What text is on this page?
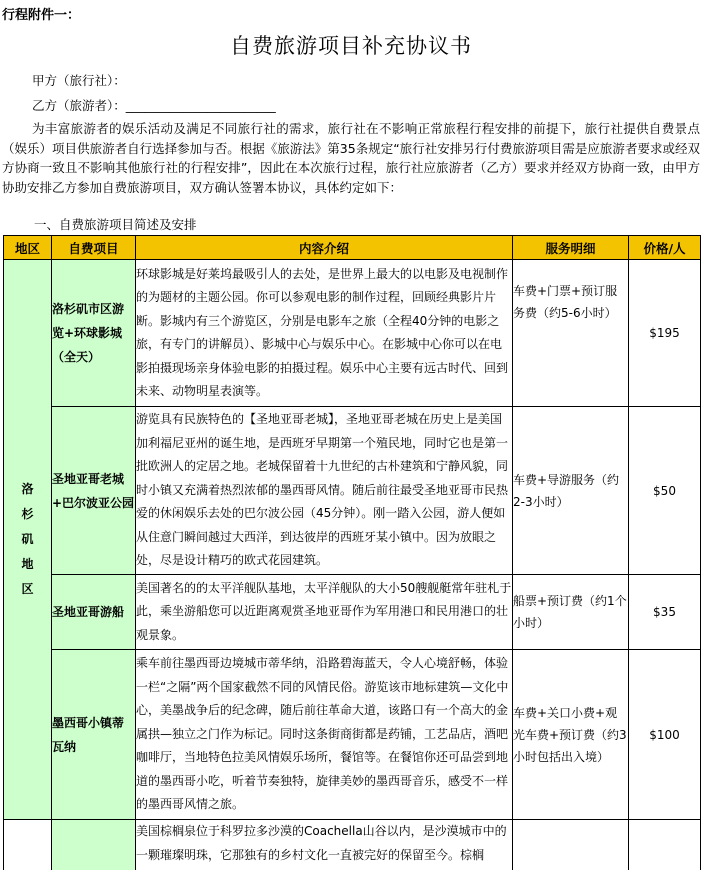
行程附件一：
自费旅游项目补充协议书
甲方（旅行社）：
乙方（旅游者）：________________________
为丰富旅游者的娱乐活动及满足不同旅行社的需求，旅行社在不影响正常旅程行程安排的前提下，旅行社提供自费景点（娱乐）项目供旅游者自行选择参加与否。根据《旅游法》第35条规定“旅行社安排另行付费旅游项目需是应旅游者要求或经双方协商一致且不影响其他旅行社的行程安排”，因此在本次旅行过程，旅行社应旅游者（乙方）要求并经双方协商一致，由甲方协助安排乙方参加自费旅游项目，双方确认签署本协议，具体约定如下：
一、自费旅游项目简述及安排
地区	自费项目	内容介绍	服务明细	价格/人

洛杉矶地区	洛杉矶市区游览+环球影城（全天）	环球影城是好莱坞最吸引人的去处，是世界上最大的以电影及电视制作的为题材的主题公园。你可以参观电影的制作过程，回顾经典影片片断。影城内有三个游览区，分别是电影车之旅（全程40分钟的电影之旅，有专门的讲解员）、影城中心与娱乐中心。在影城中心你可以在电影拍摄现场亲身体验电影的拍摄过程。娱乐中心主要有远古时代、回到未来、动物明星表演等。	车费+门票+预订服务费（约5-6小时）	$195
	圣地亚哥老城+巴尔波亚公园	游览具有民族特色的【圣地亚哥老城】，圣地亚哥老城在历史上是美国加利福尼亚州的诞生地，是西班牙早期第一个殖民地，同时它也是第一批欧洲人的定居之地。老城保留着十九世纪的古朴建筑和宁静风貌，同时小镇又充满着热烈浓郁的墨西哥风情。随后前往最受圣地亚哥市民热爱的休闲娱乐去处的巴尔波公园（45分钟）。刚一踏入公园，游人便如从住意门瞬间越过大西洋，到达彼岸的西班牙某小镇中。因为放眼之处，尽是设计精巧的欧式花园建筑。	车费+导游服务（约2-3小时）	$50
	圣地亚哥游船	美国著名的的太平洋舰队基地，太平洋舰队的大小50艘舰艇常年驻札于此，乘坐游船您可以近距离观赏圣地亚哥作为军用港口和民用港口的壮观景象。	船票+预订费（约1个小时）	$35
	墨西哥小镇蒂瓦纳	乘车前往墨西哥边境城市蒂华纳，沿路碧海蓝天，令人心境舒畅，体验一栏“之隔”两个国家截然不同的风情民俗。游览该市地标建筑—文化中心，美墨战争后的纪念碑，随后前往革命大道，该路口有一个高大的金属拱—独立之门作为标记。同时这条街商街都是药铺，工艺品店，酒吧咖啡厅，当地特色拉美风情娱乐场所，餐馆等。在餐馆你还可品尝到地道的墨西哥小吃，听着节奏独特，旋律美妙的墨西哥音乐，感受不一样的墨西哥风情之旅。	车费+关口小费+观光车费+预订费（约3小时包括出入境）	$100

		美国棕榈泉位于科罗拉多沙漠的Coachella山谷以内，是沙漠城市中的一颗璀璨明珠，它那独有的乡村文化一直被完好的保留至今。棕榈		
